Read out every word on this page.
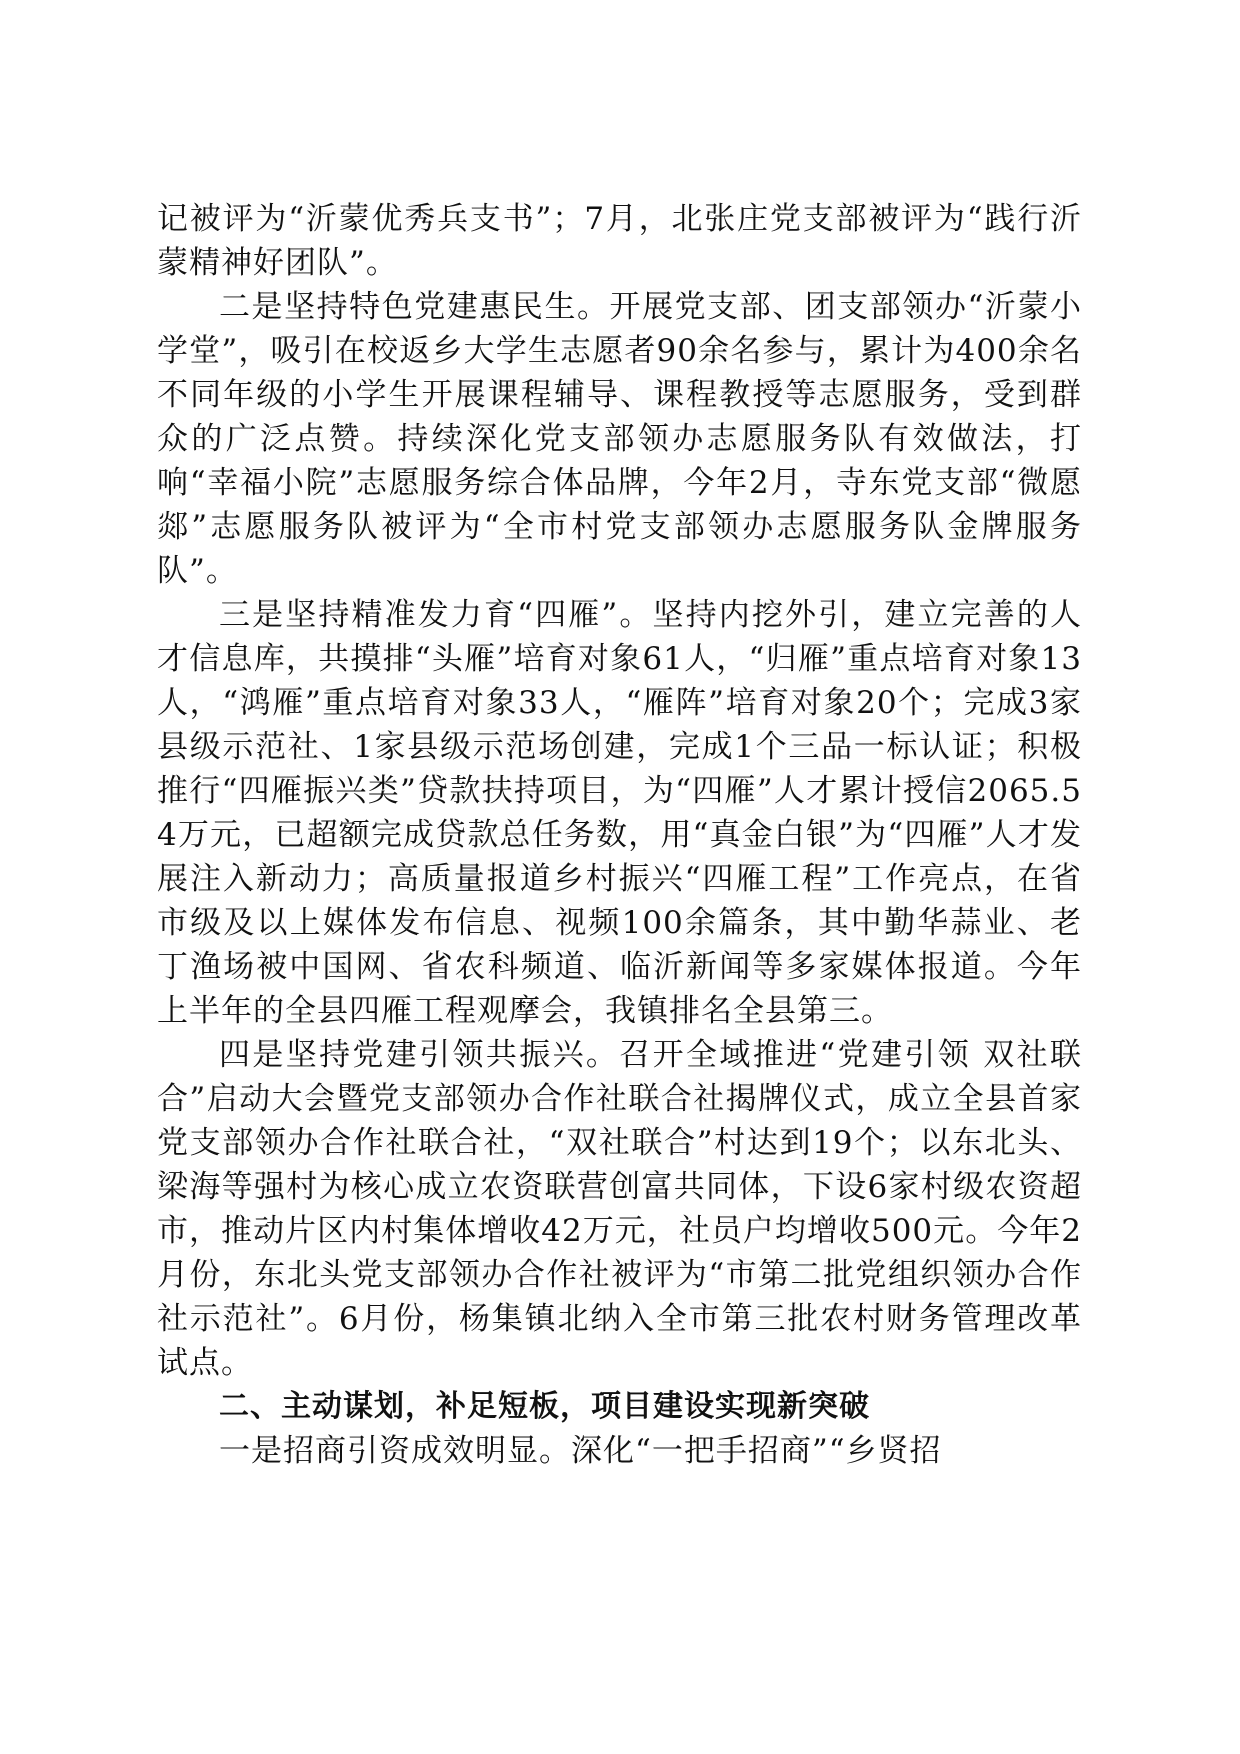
记被评为“沂蒙优秀兵支书”；7月，北张庄党支部被评为“践行沂蒙精神好团队”。

二是坚持特色党建惠民生。开展党支部、团支部领办“沂蒙小学堂”，吸引在校返乡大学生志愿者90余名参与，累计为400余名不同年级的小学生开展课程辅导、课程教授等志愿服务，受到群众的广泛点赞。持续深化党支部领办志愿服务队有效做法，打响“幸福小院”志愿服务综合体品牌，今年2月，寺东党支部“微愿郯”志愿服务队被评为“全市村党支部领办志愿服务队金牌服务队”。

三是坚持精准发力育“四雁”。坚持内挖外引，建立完善的人才信息库，共摸排“头雁”培育对象61人，“归雁”重点培育对象13人，“鸿雁”重点培育对象33人，“雁阵”培育对象20个；完成3家县级示范社、1家县级示范场创建，完成1个三品一标认证；积极推行“四雁振兴类”贷款扶持项目，为“四雁”人才累计授信2065.54万元，已超额完成贷款总任务数，用“真金白银”为“四雁”人才发展注入新动力；高质量报道乡村振兴“四雁工程”工作亮点，在省市级及以上媒体发布信息、视频100余篇条，其中勤华蒜业、老丁渔场被中国网、省农科频道、临沂新闻等多家媒体报道。今年上半年的全县四雁工程观摩会，我镇排名全县第三。

四是坚持党建引领共振兴。召开全域推进“党建引领 双社联合”启动大会暨党支部领办合作社联合社揭牌仪式，成立全县首家党支部领办合作社联合社，“双社联合”村达到19个；以东北头、梁海等强村为核心成立农资联营创富共同体，下设6家村级农资超市，推动片区内村集体增收42万元，社员户均增收500元。今年2月份，东北头党支部领办合作社被评为“市第二批党组织领办合作社示范社”。6月份，杨集镇北纳入全市第三批农村财务管理改革试点。

二、主动谋划，补足短板，项目建设实现新突破

一是招商引资成效明显。深化“一把手招商”“乡贤招
